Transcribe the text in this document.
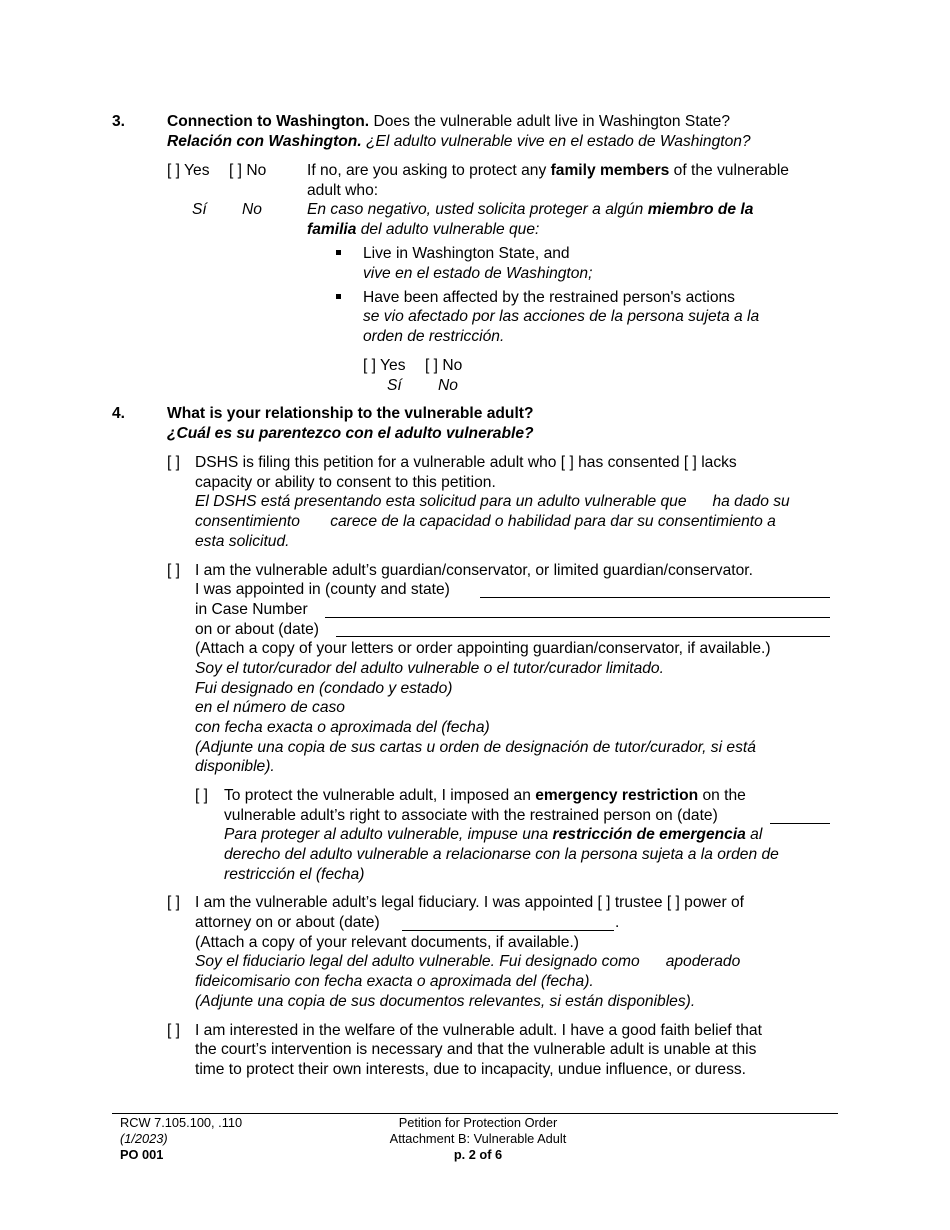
3.	Connection to Washington. Does the vulnerable adult live in Washington State?
Relación con Washington. ¿El adulto vulnerable vive en el estado de Washington?
[ ] Yes [ ] No
Sí No
If no, are you asking to protect any family members of the vulnerable
adult who:
En caso negativo, usted solicita proteger a algún miembro de la
familia del adulto vulnerable que:
Live in Washington State, and
vive en el estado de Washington;
Have been affected by the restrained person's actions
se vio afectado por las acciones de la persona sujeta a la
orden de restricción.
[ ] Yes [ ] No
Sí No
4.	What is your relationship to the vulnerable adult?
¿Cuál es su parentezco con el adulto vulnerable?
[ ] DSHS is filing this petition for a vulnerable adult who [ ] has consented [ ] lacks
capacity or ability to consent to this petition.
El DSHS está presentando esta solicitud para un adulto vulnerable que      ha dado su
consentimiento       carece de la capacidad o habilidad para dar su consentimiento a
esta solicitud.
[ ] I am the vulnerable adult’s guardian/conservator, or limited guardian/conservator.
I was appointed in (county and state)
in Case Number
on or about (date)
(Attach a copy of your letters or order appointing guardian/conservator, if available.)
Soy el tutor/curador del adulto vulnerable o el tutor/curador limitado.
Fui designado en (condado y estado)
en el número de caso
con fecha exacta o aproximada del (fecha)
(Adjunte una copia de sus cartas u orden de designación de tutor/curador, si está
disponible).
[ ] To protect the vulnerable adult, I imposed an emergency restriction on the
vulnerable adult’s right to associate with the restrained person on (date)
Para proteger al adulto vulnerable, impuse una restricción de emergencia al
derecho del adulto vulnerable a relacionarse con la persona sujeta a la orden de
restricción el (fecha)
[ ] I am the vulnerable adult’s legal fiduciary. I was appointed [ ] trustee [ ] power of
attorney on or about (date)	.
(Attach a copy of your relevant documents, if available.)
Soy el fiduciario legal del adulto vulnerable. Fui designado como      apoderado
fideicomisario con fecha exacta o aproximada del (fecha).
(Adjunte una copia de sus documentos relevantes, si están disponibles).
[ ] I am interested in the welfare of the vulnerable adult. I have a good faith belief that
the court’s intervention is necessary and that the vulnerable adult is unable at this
time to protect their own interests, due to incapacity, undue influence, or duress.
RCW 7.105.100, .110
(1/2023)
PO 001
Petition for Protection Order
Attachment B: Vulnerable Adult
p. 2 of 6
